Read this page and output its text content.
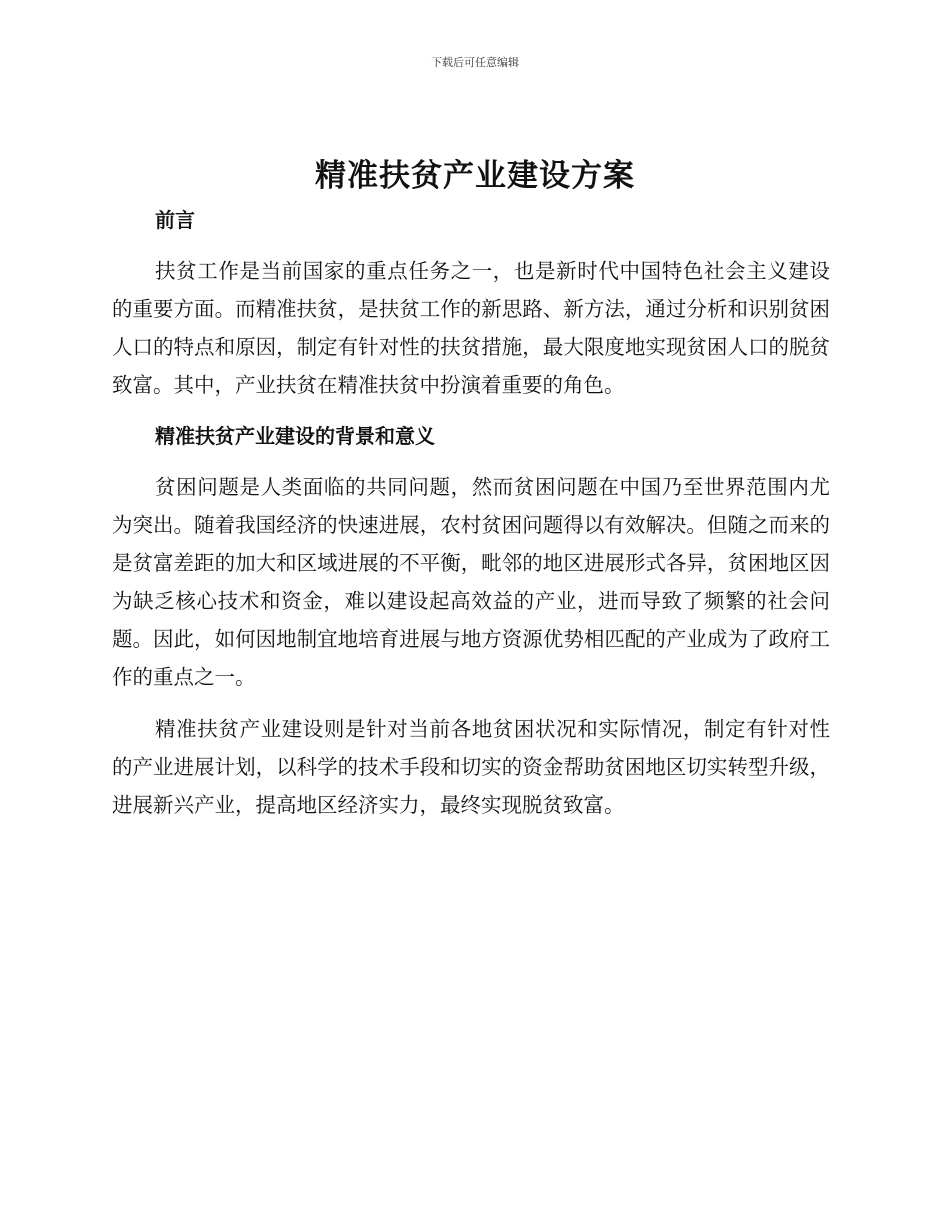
下载后可任意编辑
精准扶贫产业建设方案
前言

扶贫工作是当前国家的重点任务之一，也是新时代中国特色社会主义建设的重要方面。而精准扶贫，是扶贫工作的新思路、新方法，通过分析和识别贫困人口的特点和原因，制定有针对性的扶贫措施，最大限度地实现贫困人口的脱贫致富。其中，产业扶贫在精准扶贫中扮演着重要的角色。

精准扶贫产业建设的背景和意义

贫困问题是人类面临的共同问题，然而贫困问题在中国乃至世界范围内尤为突出。随着我国经济的快速进展，农村贫困问题得以有效解决。但随之而来的是贫富差距的加大和区域进展的不平衡，毗邻的地区进展形式各异，贫困地区因为缺乏核心技术和资金，难以建设起高效益的产业，进而导致了频繁的社会问题。因此，如何因地制宜地培育进展与地方资源优势相匹配的产业成为了政府工作的重点之一。

精准扶贫产业建设则是针对当前各地贫困状况和实际情况，制定有针对性的产业进展计划，以科学的技术手段和切实的资金帮助贫困地区切实转型升级，进展新兴产业，提高地区经济实力，最终实现脱贫致富。
